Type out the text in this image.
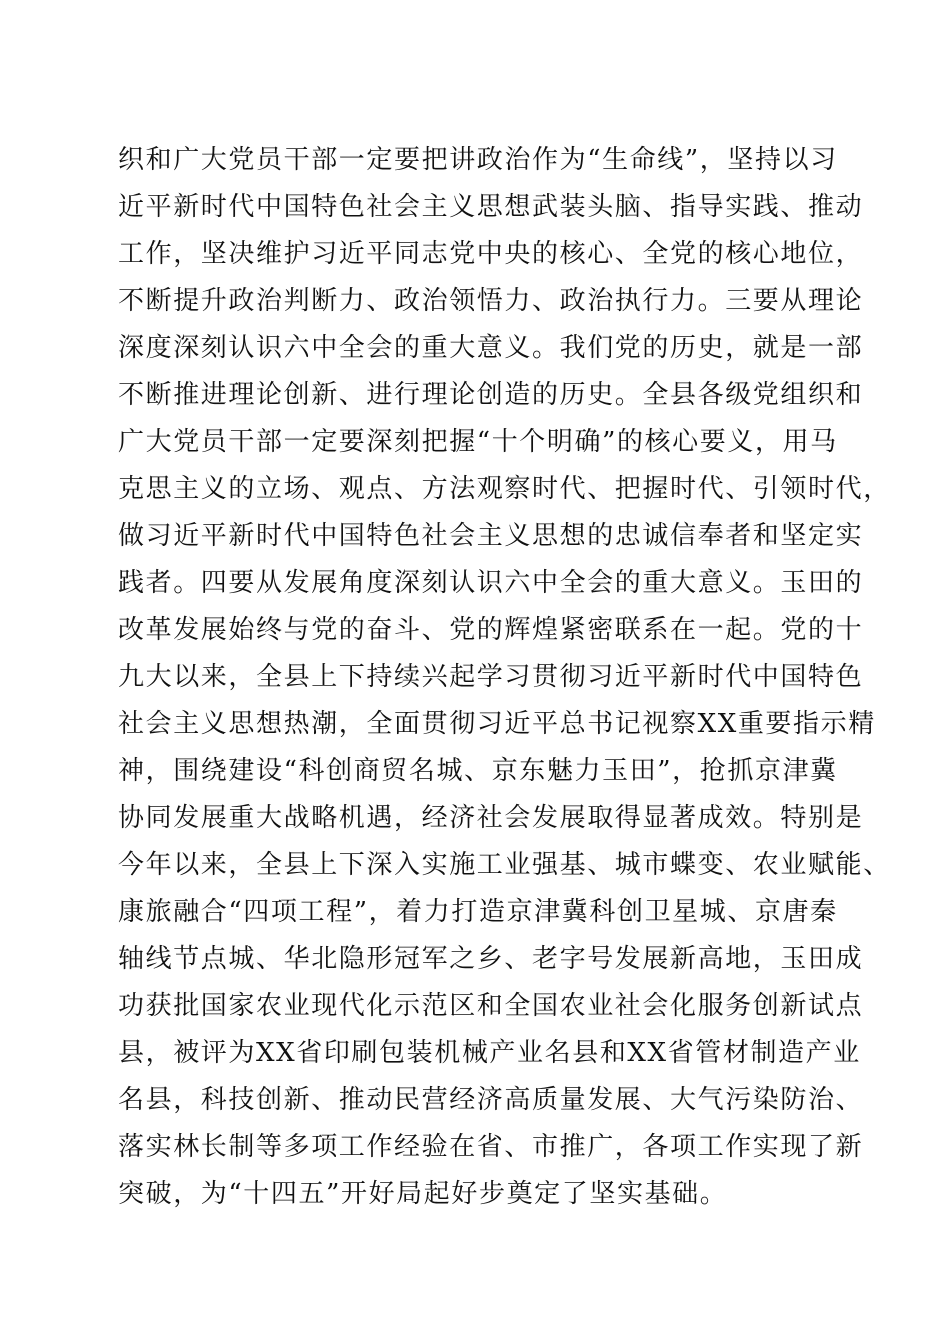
织和广大党员干部一定要把讲政治作为“生命线”，坚持以习
近平新时代中国特色社会主义思想武装头脑、指导实践、推动
工作，坚决维护习近平同志党中央的核心、全党的核心地位，
不断提升政治判断力、政治领悟力、政治执行力。三要从理论
深度深刻认识六中全会的重大意义。我们党的历史，就是一部
不断推进理论创新、进行理论创造的历史。全县各级党组织和
广大党员干部一定要深刻把握“十个明确”的核心要义，用马
克思主义的立场、观点、方法观察时代、把握时代、引领时代，
做习近平新时代中国特色社会主义思想的忠诚信奉者和坚定实
践者。四要从发展角度深刻认识六中全会的重大意义。玉田的
改革发展始终与党的奋斗、党的辉煌紧密联系在一起。党的十
九大以来，全县上下持续兴起学习贯彻习近平新时代中国特色
社会主义思想热潮，全面贯彻习近平总书记视察XX重要指示精
神，围绕建设“科创商贸名城、京东魅力玉田”，抢抓京津冀
协同发展重大战略机遇，经济社会发展取得显著成效。特别是
今年以来，全县上下深入实施工业强基、城市蝶变、农业赋能、
康旅融合“四项工程”，着力打造京津冀科创卫星城、京唐秦
轴线节点城、华北隐形冠军之乡、老字号发展新高地，玉田成
功获批国家农业现代化示范区和全国农业社会化服务创新试点
县，被评为XX省印刷包装机械产业名县和XX省管材制造产业
名县，科技创新、推动民营经济高质量发展、大气污染防治、
落实林长制等多项工作经验在省、市推广，各项工作实现了新
突破，为“十四五”开好局起好步奠定了坚实基础。
